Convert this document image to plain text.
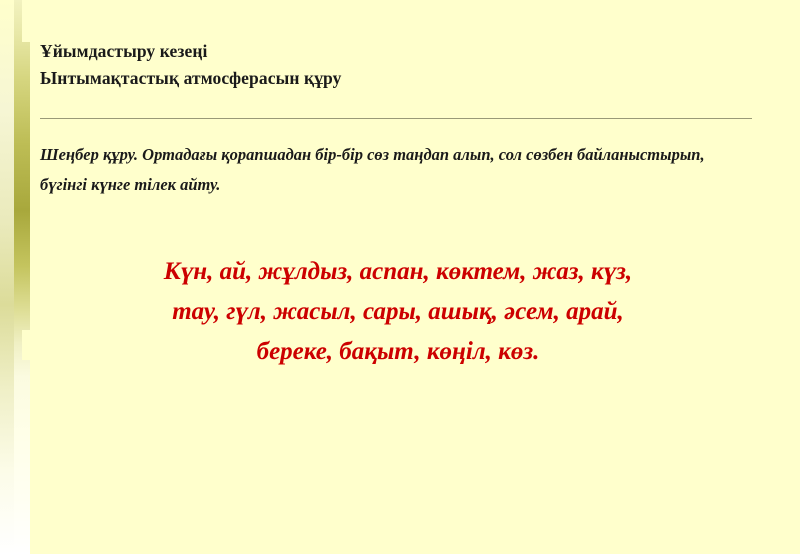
Ұйымдастыру кезеңі
Ынтымақтастық атмосферасын құру
Шеңбер құру. Ортадағы қорапшадан бір-бір сөз таңдап алып, сол сөзбен байланыстырып, бүгінгі күнге тілек айту.
Күн, ай, жұлдыз, аспан, көктем, жаз, күз,
тау, гүл, жасыл, сары, ашық, әсем, арай,
береке, бақыт, көңіл, көз.
